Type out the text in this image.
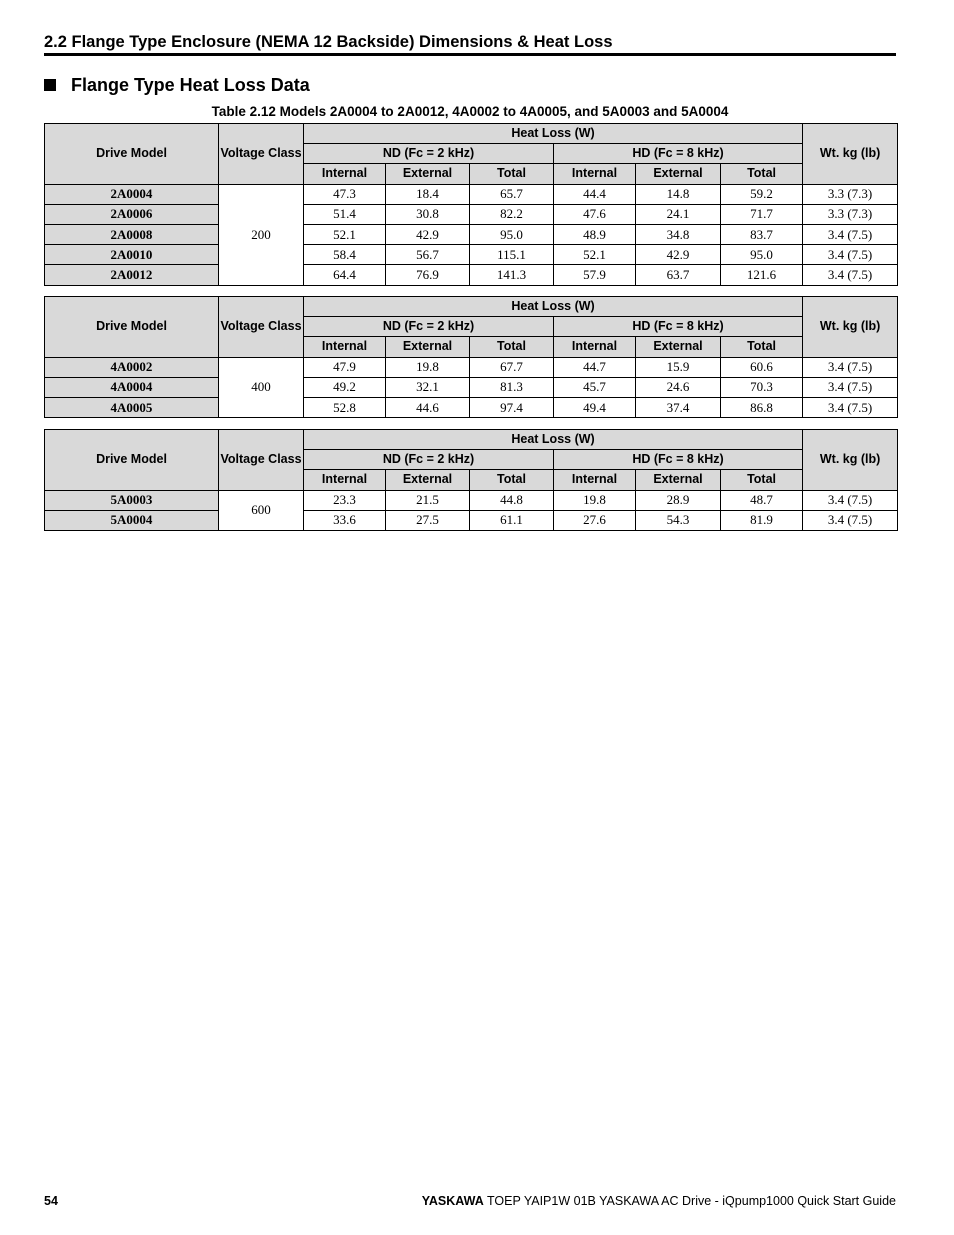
2.2 Flange Type Enclosure (NEMA 12 Backside) Dimensions & Heat Loss
Flange Type Heat Loss Data
Table 2.12 Models 2A0004 to 2A0012, 4A0002 to 4A0005, and 5A0003 and 5A0004
Drive Model	Voltage Class	Heat Loss (W)						Wt. kg (lb)
		ND (Fc = 2 kHz)			HD (Fc = 8 kHz)			
		Internal	External	Total	Internal	External	Total	
2A0004	200	47.3	18.4	65.7	44.4	14.8	59.2	3.3 (7.3)
2A0006		51.4	30.8	82.2	47.6	24.1	71.7	3.3 (7.3)
2A0008		52.1	42.9	95.0	48.9	34.8	83.7	3.4 (7.5)
2A0010		58.4	56.7	115.1	52.1	42.9	95.0	3.4 (7.5)
2A0012		64.4	76.9	141.3	57.9	63.7	121.6	3.4 (7.5)
Drive Model	Voltage Class	Heat Loss (W)						Wt. kg (lb)
		ND (Fc = 2 kHz)			HD (Fc = 8 kHz)			
		Internal	External	Total	Internal	External	Total	
4A0002	400	47.9	19.8	67.7	44.7	15.9	60.6	3.4 (7.5)
4A0004		49.2	32.1	81.3	45.7	24.6	70.3	3.4 (7.5)
4A0005		52.8	44.6	97.4	49.4	37.4	86.8	3.4 (7.5)
Drive Model	Voltage Class	Heat Loss (W)						Wt. kg (lb)
		ND (Fc = 2 kHz)			HD (Fc = 8 kHz)			
		Internal	External	Total	Internal	External	Total	
5A0003	600	23.3	21.5	44.8	19.8	28.9	48.7	3.4 (7.5)
5A0004		33.6	27.5	61.1	27.6	54.3	81.9	3.4 (7.5)
54	YASKAWA TOEP YAIP1W 01B YASKAWA AC Drive - iQpump1000 Quick Start Guide
